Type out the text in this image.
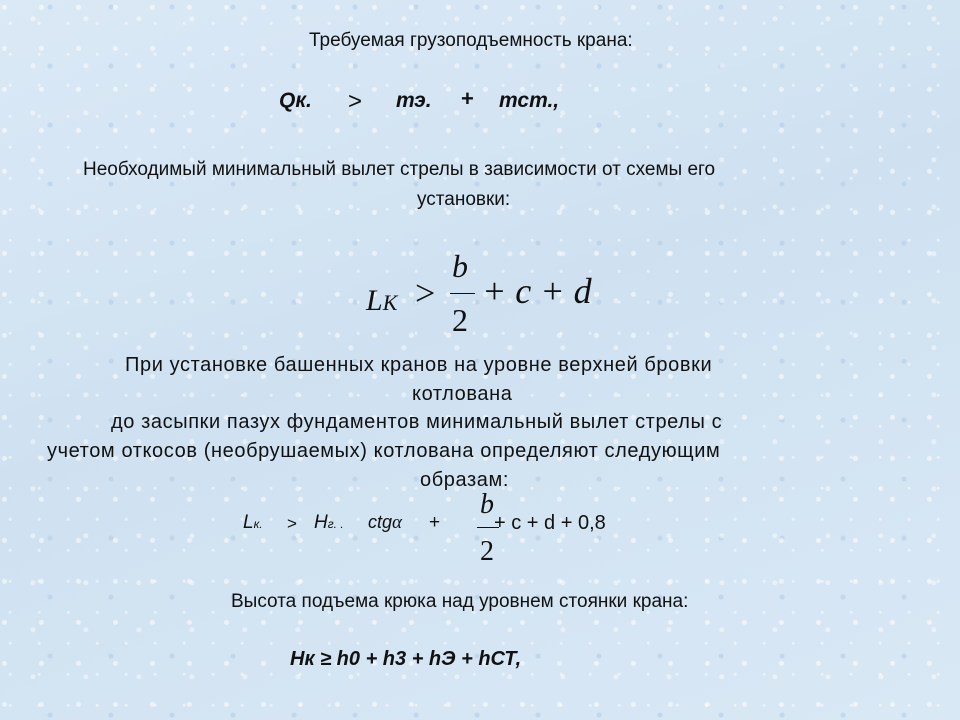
Требуемая грузоподъемность крана:
Qк. > тэ. + тст.,
Необходимый минимальный вылет стрелы в зависимости от схемы его
установки:
LK >
b
2
+ c + d
При установке башенных кранов на уровне верхней бровки
котлована
до засыпки пазух фундаментов минимальный вылет стрелы с
учетом откосов (необрушаемых) котлована определяют следующим
образам:
Lк. > Hг. . ctgα +
b
2
+ c + d + 0,8
Высота подъема крюка над уровнем стоянки крана:
Hк ≥ h0 + h3 + hЭ + hСТ,
